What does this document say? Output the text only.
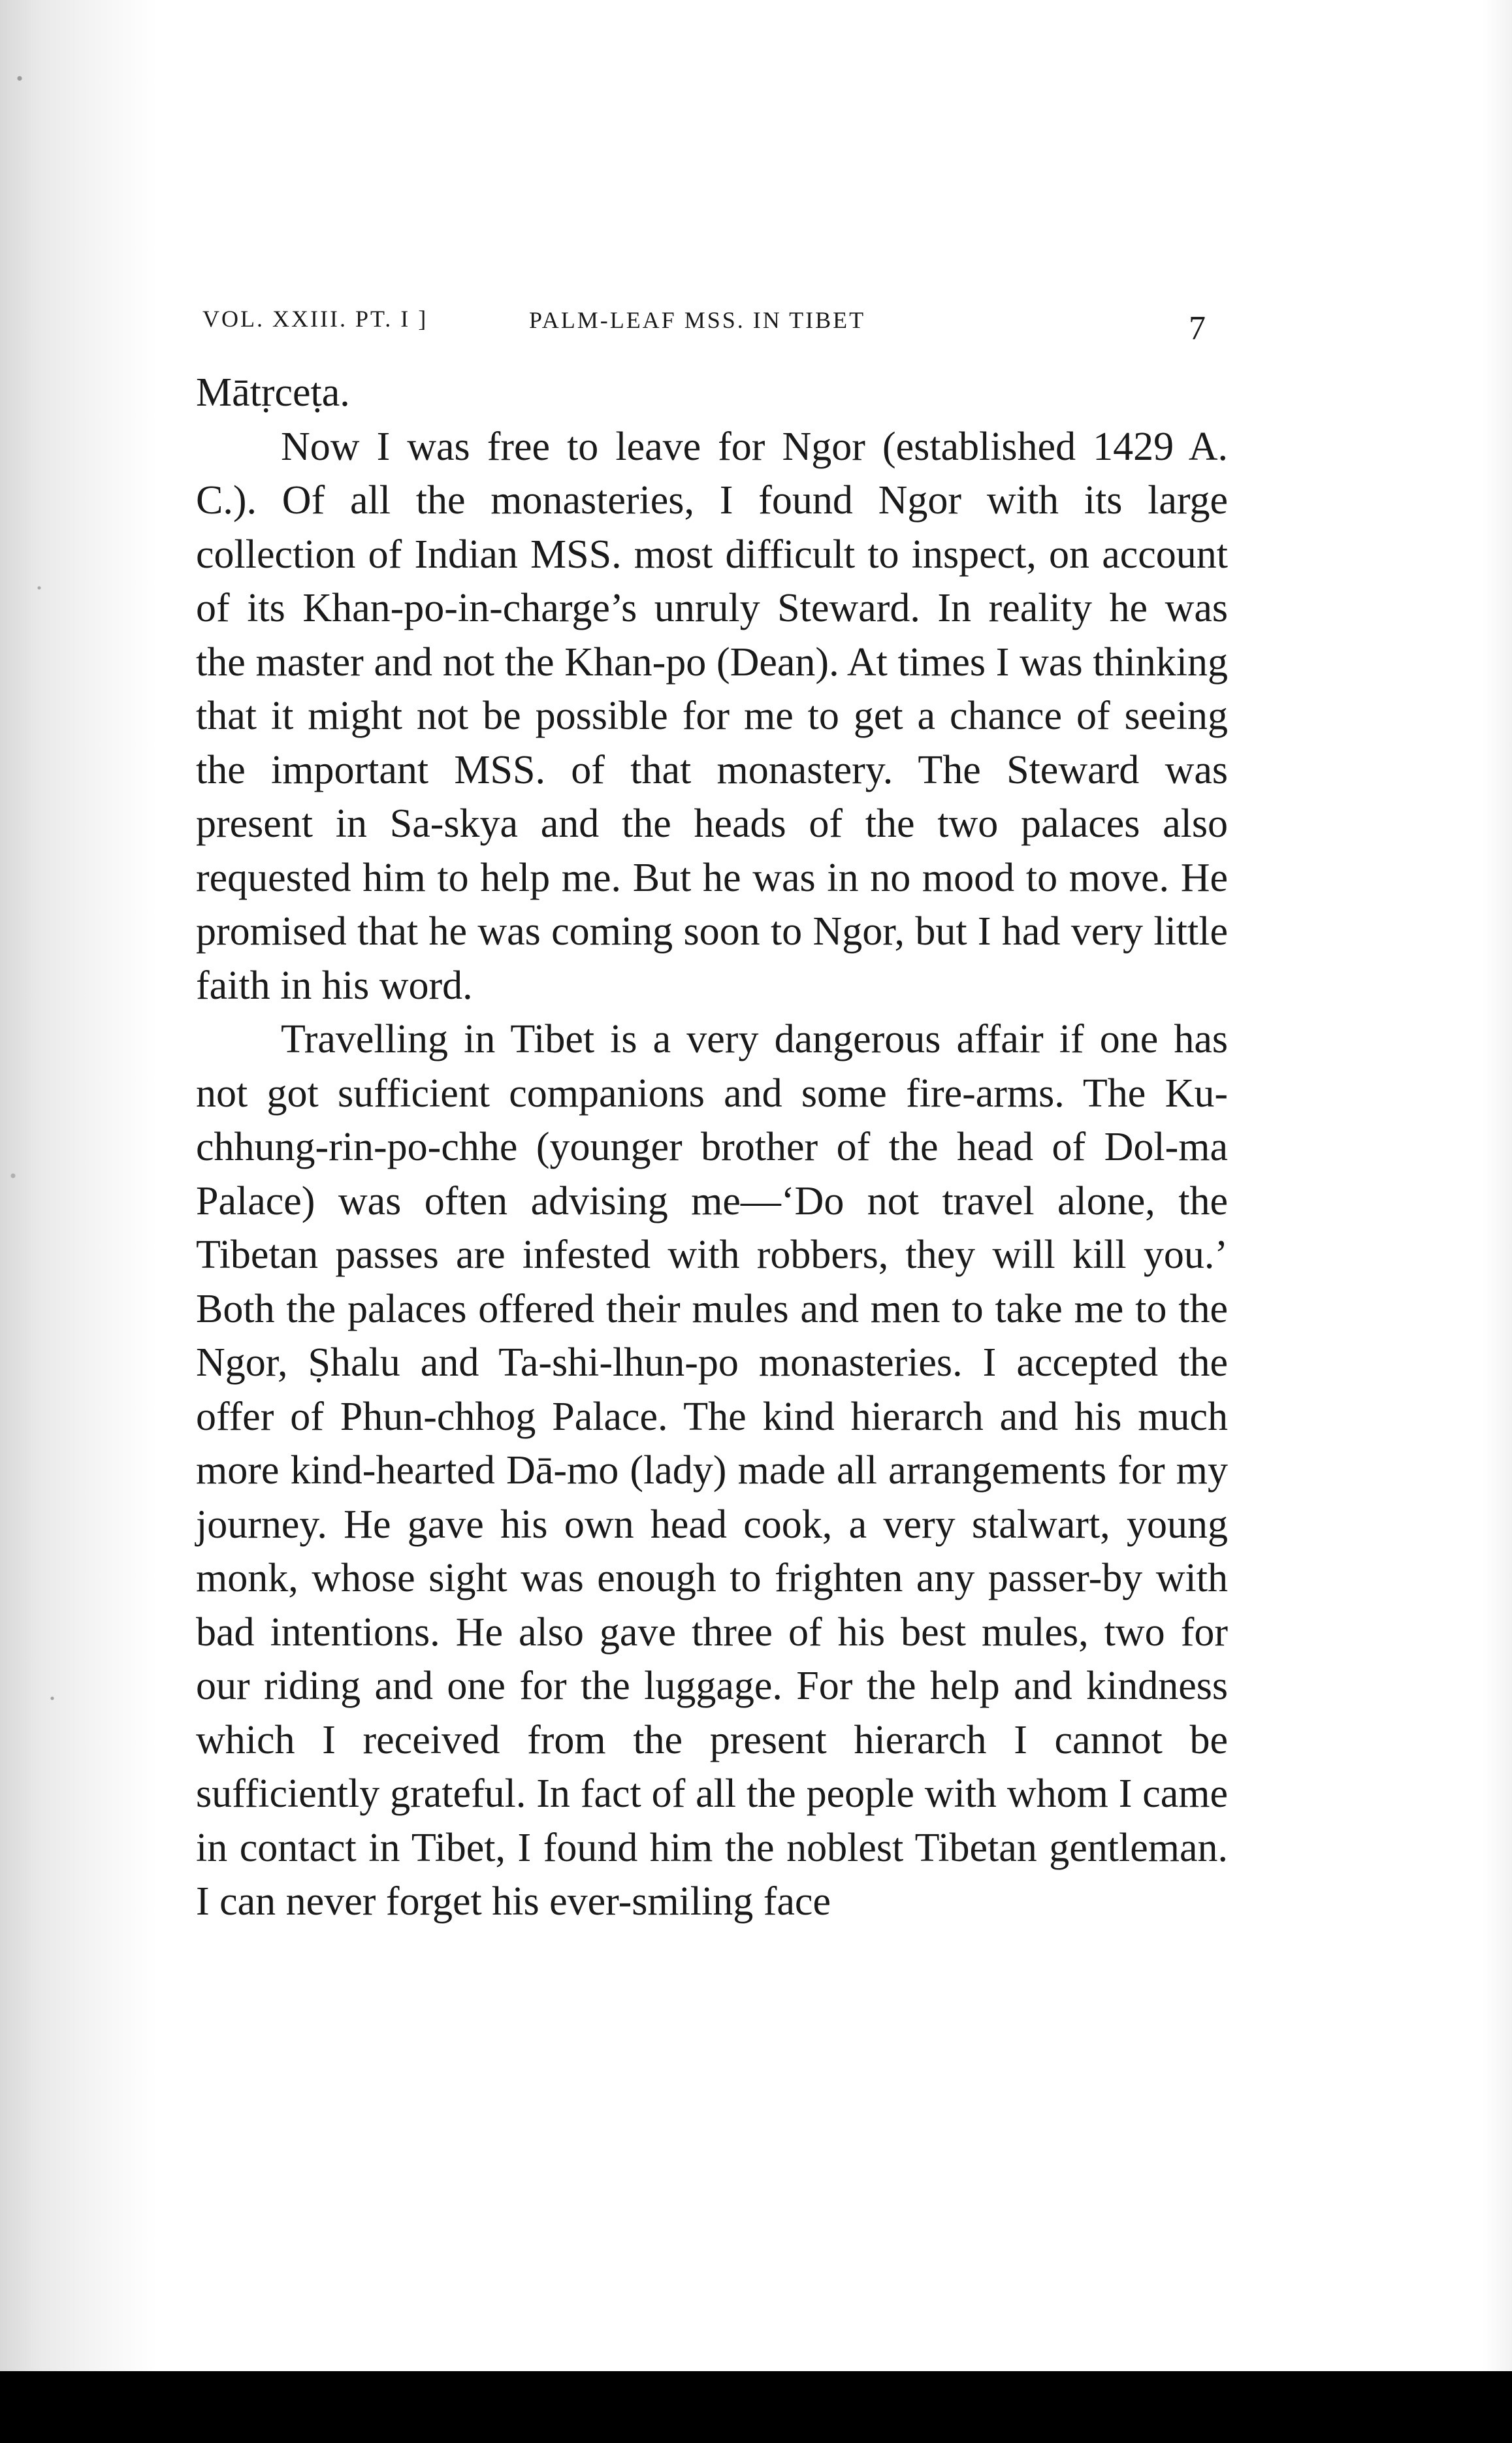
VOL. XXIII. PT. I ]	PALM-LEAF MSS. IN TIBET	7

Mātṛceṭa.

Now I was free to leave for Ngor (established 1429 A. C.). Of all the monasteries, I found Ngor with its large collection of Indian MSS. most difficult to inspect, on account of its Khan-po-in-charge’s unruly Steward. In reality he was the master and not the Khan-po (Dean). At times I was thinking that it might not be possible for me to get a chance of seeing the important MSS. of that monastery. The Steward was present in Sa-skya and the heads of the two palaces also requested him to help me. But he was in no mood to move. He promised that he was coming soon to Ngor, but I had very little faith in his word.

Travelling in Tibet is a very dangerous affair if one has not got sufficient companions and some fire-arms. The Ku-chhung-rin-po-chhe (younger brother of the head of Dol-ma Palace) was often advising me—‘Do not travel alone, the Tibetan passes are infested with robbers, they will kill you.’ Both the palaces offered their mules and men to take me to the Ngor, Ṣhalu and Ta-shi-lhun-po monasteries. I accepted the offer of Phun-chhog Palace. The kind hierarch and his much more kind-hearted Dā-mo (lady) made all arrangements for my journey. He gave his own head cook, a very stalwart, young monk, whose sight was enough to frighten any passer-by with bad intentions. He also gave three of his best mules, two for our riding and one for the luggage. For the help and kindness which I received from the present hierarch I cannot be sufficiently grateful. In fact of all the people with whom I came in contact in Tibet, I found him the noblest Tibetan gentleman. I can never forget his ever-smiling face
